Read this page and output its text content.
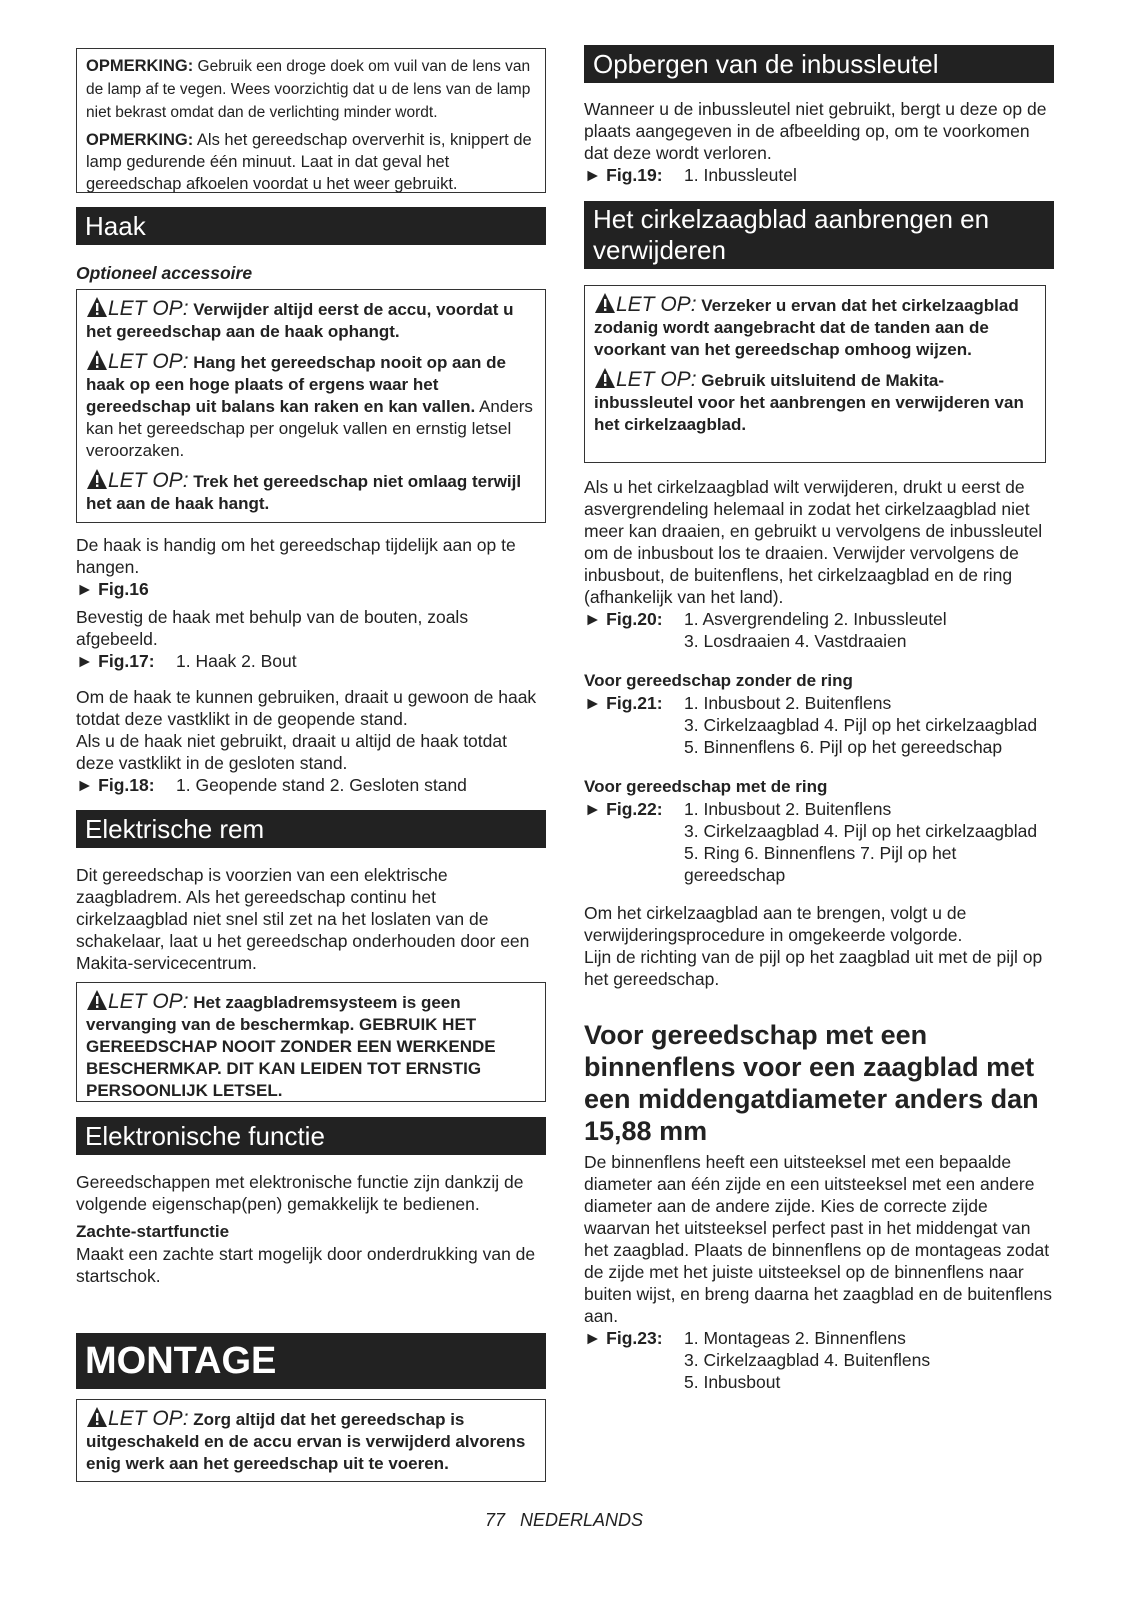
OPMERKING: Gebruik een droge doek om vuil van de lens van de lamp af te vegen. Wees voorzichtig dat u de lens van de lamp niet bekrast omdat dan de verlichting minder wordt.

OPMERKING: Als het gereedschap oververhit is, knippert de lamp gedurende één minuut. Laat in dat geval het gereedschap afkoelen voordat u het weer gebruikt.

Haak

Optioneel accessoire

LET OP: Verwijder altijd eerst de accu, voordat u het gereedschap aan de haak ophangt.

LET OP: Hang het gereedschap nooit op aan de haak op een hoge plaats of ergens waar het gereedschap uit balans kan raken en kan vallen. Anders kan het gereedschap per ongeluk vallen en ernstig letsel veroorzaken.

LET OP: Trek het gereedschap niet omlaag terwijl het aan de haak hangt.

De haak is handig om het gereedschap tijdelijk aan op te hangen.

► Fig.16

Bevestig de haak met behulp van de bouten, zoals afgebeeld.

► Fig.17:	1. Haak 2. Bout

Om de haak te kunnen gebruiken, draait u gewoon de haak totdat deze vastklikt in de geopende stand.

Als u de haak niet gebruikt, draait u altijd de haak totdat deze vastklikt in de gesloten stand.

► Fig.18:	1. Geopende stand 2. Gesloten stand
Elektrische rem

Dit gereedschap is voorzien van een elektrische zaagbladrem. Als het gereedschap continu het cirkelzaagblad niet snel stil zet na het loslaten van de schakelaar, laat u het gereedschap onderhouden door een Makita-servicecentrum.

LET OP: Het zaagbladremsysteem is geen vervanging van de beschermkap. GEBRUIK HET GEREEDSCHAP NOOIT ZONDER EEN WERKENDE BESCHERMKAP. DIT KAN LEIDEN TOT ERNSTIG PERSOONLIJK LETSEL.

Elektronische functie

Gereedschappen met elektronische functie zijn dankzij de volgende eigenschap(pen) gemakkelijk te bedienen.

Zachte-startfunctie

Maakt een zachte start mogelijk door onderdrukking van de startschok.

MONTAGE

LET OP: Zorg altijd dat het gereedschap is uitgeschakeld en de accu ervan is verwijderd alvorens enig werk aan het gereedschap uit te voeren.

Opbergen van de inbussleutel

Wanneer u de inbussleutel niet gebruikt, bergt u deze op de plaats aangegeven in de afbeelding op, om te voorkomen dat deze wordt verloren.

► Fig.19:	1. Inbussleutel
Het cirkelzaagblad aanbrengen en verwijderen

LET OP: Verzeker u ervan dat het cirkelzaagblad zodanig wordt aangebracht dat de tanden aan de voorkant van het gereedschap omhoog wijzen.

LET OP: Gebruik uitsluitend de Makita-inbussleutel voor het aanbrengen en verwijderen van het cirkelzaagblad.

Als u het cirkelzaagblad wilt verwijderen, drukt u eerst de asvergrendeling helemaal in zodat het cirkelzaagblad niet meer kan draaien, en gebruikt u vervolgens de inbussleutel om de inbusbout los te draaien. Verwijder vervolgens de inbusbout, de buitenflens, het cirkelzaagblad en de ring (afhankelijk van het land).

► Fig.20:	1. Asvergrendeling 2. Inbussleutel
3. Losdraaien 4. Vastdraaien

Voor gereedschap zonder de ring

► Fig.21:	1. Inbusbout 2. Buitenflens
3. Cirkelzaagblad 4. Pijl op het cirkelzaagblad 5. Binnenflens 6. Pijl op het gereedschap

Voor gereedschap met de ring

► Fig.22:	1. Inbusbout 2. Buitenflens
3. Cirkelzaagblad 4. Pijl op het cirkelzaagblad 5. Ring 6. Binnenflens 7. Pijl op het gereedschap

Om het cirkelzaagblad aan te brengen, volgt u de verwijderingsprocedure in omgekeerde volgorde.

Lijn de richting van de pijl op het zaagblad uit met de pijl op het gereedschap.

Voor gereedschap met een binnenflens voor een zaagblad met een middengatdiameter anders dan 15,88 mm

De binnenflens heeft een uitsteeksel met een bepaalde diameter aan één zijde en een uitsteeksel met een andere diameter aan de andere zijde. Kies de correcte zijde waarvan het uitsteeksel perfect past in het middengat van het zaagblad. Plaats de binnenflens op de montageas zodat de zijde met het juiste uitsteeksel op de binnenflens naar buiten wijst, en breng daarna het zaagblad en de buitenflens aan.

► Fig.23:	1. Montageas 2. Binnenflens
3. Cirkelzaagblad 4. Buitenflens
5. Inbusbout
77   NEDERLANDS
